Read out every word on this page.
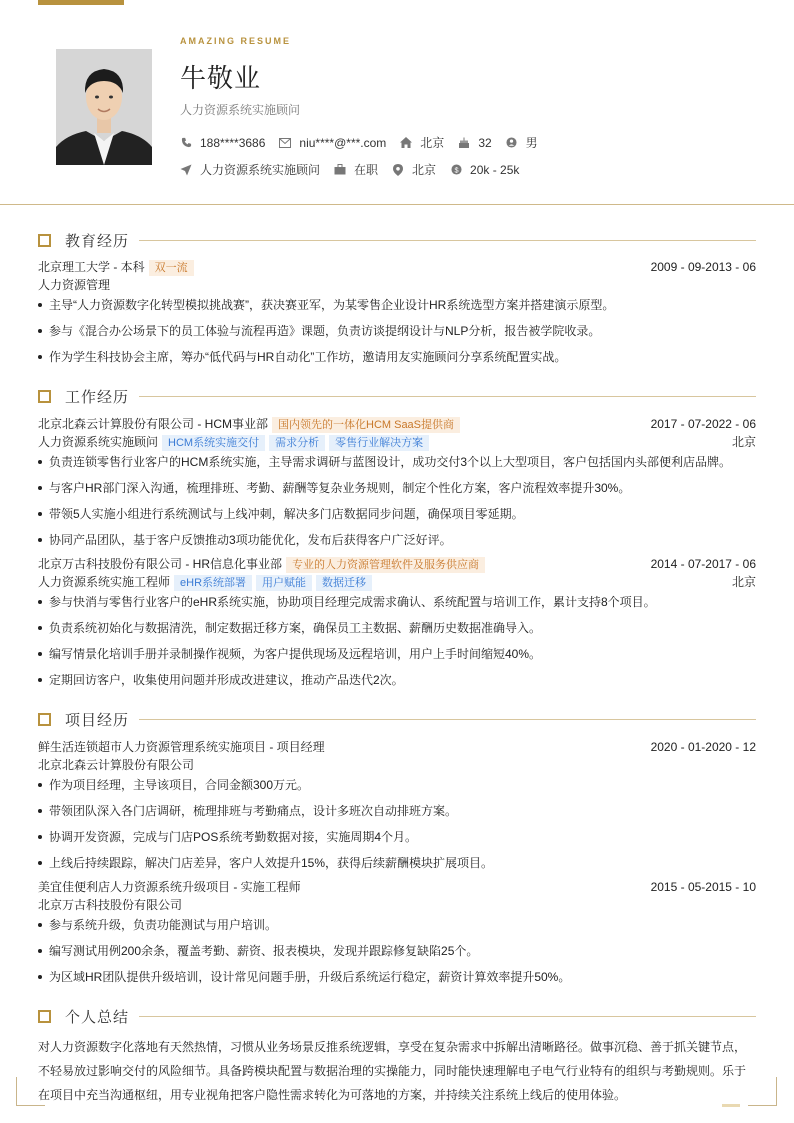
AMAZING RESUME
牛敬业
人力资源系统实施顾问
188****3686	niu****@***.com	北京	32	男
人力资源系统实施顾问	在职	北京 $ 20k - 25k
教育经历
北京理工大学 - 本科 双一流	2009 - 09-2013 - 06
人力资源管理
主导“人力资源数字化转型模拟挑战赛”，获决赛亚军，为某零售企业设计HR系统选型方案并搭建演示原型。
参与《混合办公场景下的员工体验与流程再造》课题，负责访谈提纲设计与NLP分析，报告被学院收录。
作为学生科技协会主席，筹办“低代码与HR自动化”工作坊，邀请用友实施顾问分享系统配置实战。
工作经历
北京北森云计算股份有限公司 - HCM事业部 国内领先的一体化HCM SaaS提供商	2017 - 07-2022 - 06
人力资源系统实施顾问 HCM系统实施交付 需求分析 零售行业解决方案	北京
负责连锁零售行业客户的HCM系统实施，主导需求调研与蓝图设计，成功交付3个以上大型项目，客户包括国内头部便利店品牌。
与客户HR部门深入沟通，梳理排班、考勤、薪酬等复杂业务规则，制定个性化方案，客户流程效率提升30%。
带领5人实施小组进行系统测试与上线冲刺，解决多门店数据同步问题，确保项目零延期。
协同产品团队，基于客户反馈推动3项功能优化，发布后获得客户广泛好评。
北京万古科技股份有限公司 - HR信息化事业部 专业的人力资源管理软件及服务供应商	2014 - 07-2017 - 06
人力资源系统实施工程师 eHR系统部署 用户赋能 数据迁移	北京
参与快消与零售行业客户的eHR系统实施，协助项目经理完成需求确认、系统配置与培训工作，累计支持8个项目。
负责系统初始化与数据清洗，制定数据迁移方案，确保员工主数据、薪酬历史数据准确导入。
编写情景化培训手册并录制操作视频，为客户提供现场及远程培训，用户上手时间缩短40%。
定期回访客户，收集使用问题并形成改进建议，推动产品迭代2次。
项目经历
鲜生活连锁超市人力资源管理系统实施项目 - 项目经理	2020 - 01-2020 - 12
北京北森云计算股份有限公司
作为项目经理，主导该项目，合同金额300万元。
带领团队深入各门店调研，梳理排班与考勤痛点，设计多班次自动排班方案。
协调开发资源，完成与门店POS系统考勤数据对接，实施周期4个月。
上线后持续跟踪，解决门店差异，客户人效提升15%，获得后续薪酬模块扩展项目。
美宜佳便利店人力资源系统升级项目 - 实施工程师	2015 - 05-2015 - 10
北京万古科技股份有限公司
参与系统升级，负责功能测试与用户培训。
编写测试用例200余条，覆盖考勤、薪资、报表模块，发现并跟踪修复缺陷25个。
为区域HR团队提供升级培训，设计常见问题手册，升级后系统运行稳定，薪资计算效率提升50%。
个人总结
对人力资源数字化落地有天然热情，习惯从业务场景反推系统逻辑，享受在复杂需求中拆解出清晰路径。做事沉稳、善于抓关键节点，不轻易放过影响交付的风险细节。具备跨模块配置与数据治理的实操能力，同时能快速理解电子电气行业特有的组织与考勤规则。乐于在项目中充当沟通枢纽，用专业视角把客户隐性需求转化为可落地的方案，并持续关注系统上线后的使用体验。
